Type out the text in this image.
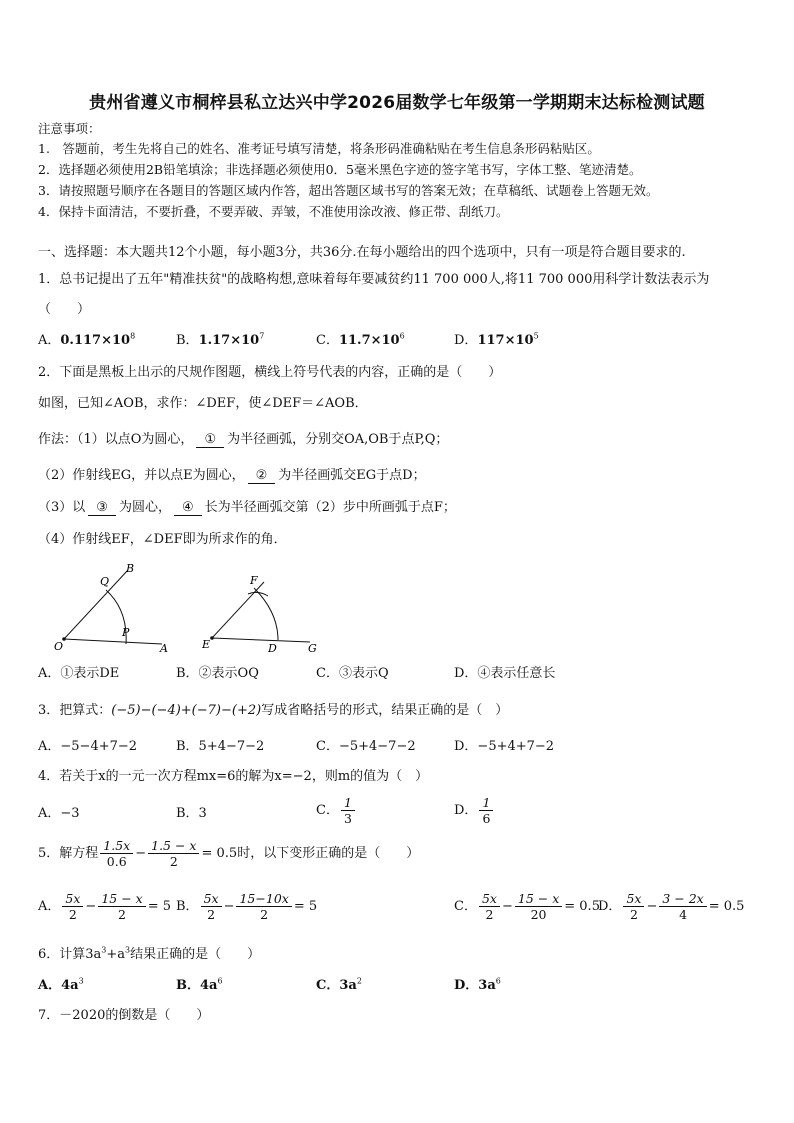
贵州省遵义市桐梓县私立达兴中学2026届数学七年级第一学期期末达标检测试题
注意事项：
1.　答题前，考生先将自己的姓名、准考证号填写清楚，将条形码准确粘贴在考生信息条形码粘贴区。
2．选择题必须使用2B铅笔填涂；非选择题必须使用0．5毫米黑色字迹的签字笔书写，字体工整、笔迹清楚。
3．请按照题号顺序在各题目的答题区域内作答，超出答题区域书写的答案无效；在草稿纸、试题卷上答题无效。
4．保持卡面清洁，不要折叠，不要弄破、弄皱，不准使用涂改液、修正带、刮纸刀。
一、选择题：本大题共12个小题，每小题3分，共36分.在每小题给出的四个选项中，只有一项是符合题目要求的.
1．总书记提出了五年"精准扶贫"的战略构想,意味着每年要减贫约11 700 000人,将11 700 000用科学计数法表示为
（　　）
A．$0.117\times 10^8$	B．$1.17\times 10^7$	C．$11.7\times 10^6$	D．$117\times 10^5$
2．下面是黑板上出示的尺规作图题，横线上符号代表的内容，正确的是（　　）
如图，已知∠AOB，求作：∠DEF，使∠DEF＝∠AOB．
作法：（1）以点O为圆心， ① 为半径画弧，分别交OA,OB于点P,Q；
（2）作射线EG，并以点E为圆心， ② 为半径画弧交EG于点D；
（3）以 ③ 为圆心， ④ 长为半径画弧交第（2）步中所画弧于点F；
（4）作射线EF，∠DEF即为所求作的角．
B
Q
O
P
A
F
E	D	G
A．①表示DE	B．②表示OQ	C．③表示Q	D．④表示任意长
3．把算式：(−5)−(−4)+(−7)−(+2)写成省略括号的形式，结果正确的是（　）
A．−5−4+7−2	B．5+4−7−2	C．−5+4−7−2	D．−5+4+7−2
4．若关于x的一元一次方程mx=6的解为x=−2，则m的值为（　）
A．−3	B．3	C． $\frac{1}{3}$	D． $\frac{1}{6}$
5．解方程 $\frac{1.5x}{0.6} - \frac{1.5 - x}{2} = 0.5$时，以下变形正确的是（　　）
A． $\frac{5x}{2} - \frac{15 - x}{2} = 5$ B． $\frac{5x}{2} - \frac{15-10x}{2} = 5$	C． $\frac{5x}{2} - \frac{15 - x}{20} = 0.5$
D． $\frac{5x}{2} - \frac{3 - 2x}{4} = 0.5$
6．计算$3a^3+a^3$结果正确的是（　　）
A．$4a^3$	B．$4a^6$	C．$3a^2$	D．$3a^6$
7．－2020的倒数是（　　）
